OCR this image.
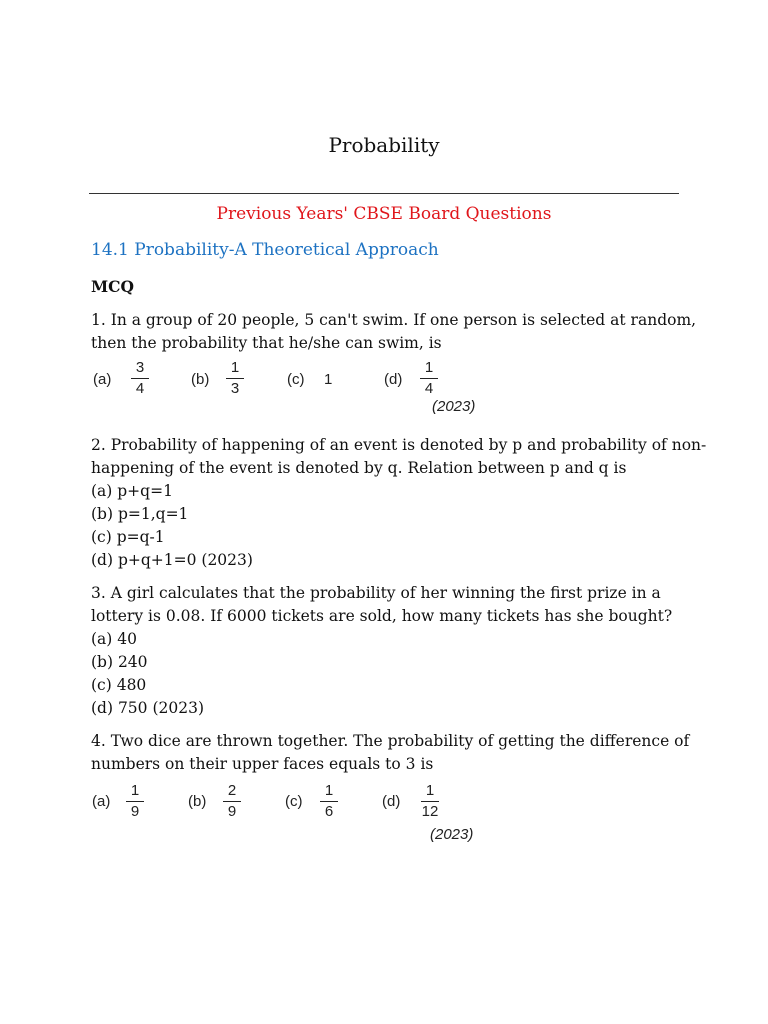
Probability
Previous Years' CBSE Board Questions
14.1 Probability-A Theoretical Approach
MCQ
1. In a group of 20 people, 5 can't swim. If one person is selected at random,
then the probability that he/she can swim, is
(a)
3
4
(b)
1
3
(c) 1	(d)
1
4
(2023)
2. Probability of happening of an event is denoted by p and probability of non-
happening of the event is denoted by q. Relation between p and q is
(a) p+q=1
(b) p=1,q=1
(c) p=q-1
(d) p+q+1=0 (2023)
3. A girl calculates that the probability of her winning the first prize in a
lottery is 0.08. If 6000 tickets are sold, how many tickets has she bought?
(a) 40
(b) 240
(c) 480
(d) 750 (2023)
4. Two dice are thrown together. The probability of getting the difference of
numbers on their upper faces equals to 3 is
(a)
1
9
(b)
2
9
(c)
1
6
(d)
1
12
(2023)
